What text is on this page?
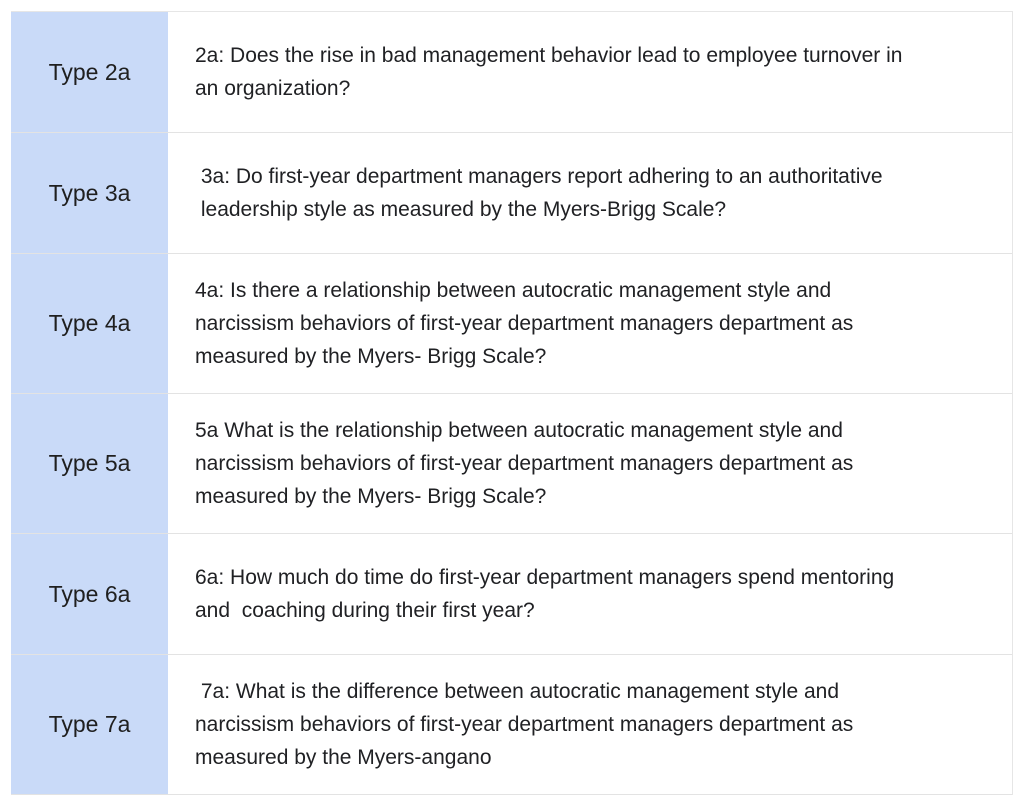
Type 2a
2a: Does the rise in bad management behavior lead to employee turnover in
an organization?
Type 3a
3a: Do first-year department managers report adhering to an authoritative
leadership style as measured by the Myers-Brigg Scale?
Type 4a
4a: Is there a relationship between autocratic management style and
narcissism behaviors of first-year department managers department as
measured by the Myers- Brigg Scale?
Type 5a
5a What is the relationship between autocratic management style and
narcissism behaviors of first-year department managers department as
measured by the Myers- Brigg Scale?
Type 6a
6a: How much do time do first-year department managers spend mentoring
and  coaching during their first year?
Type 7a
7a: What is the difference between autocratic management style and
narcissism behaviors of first-year department managers department as
measured by the Myers-angano
